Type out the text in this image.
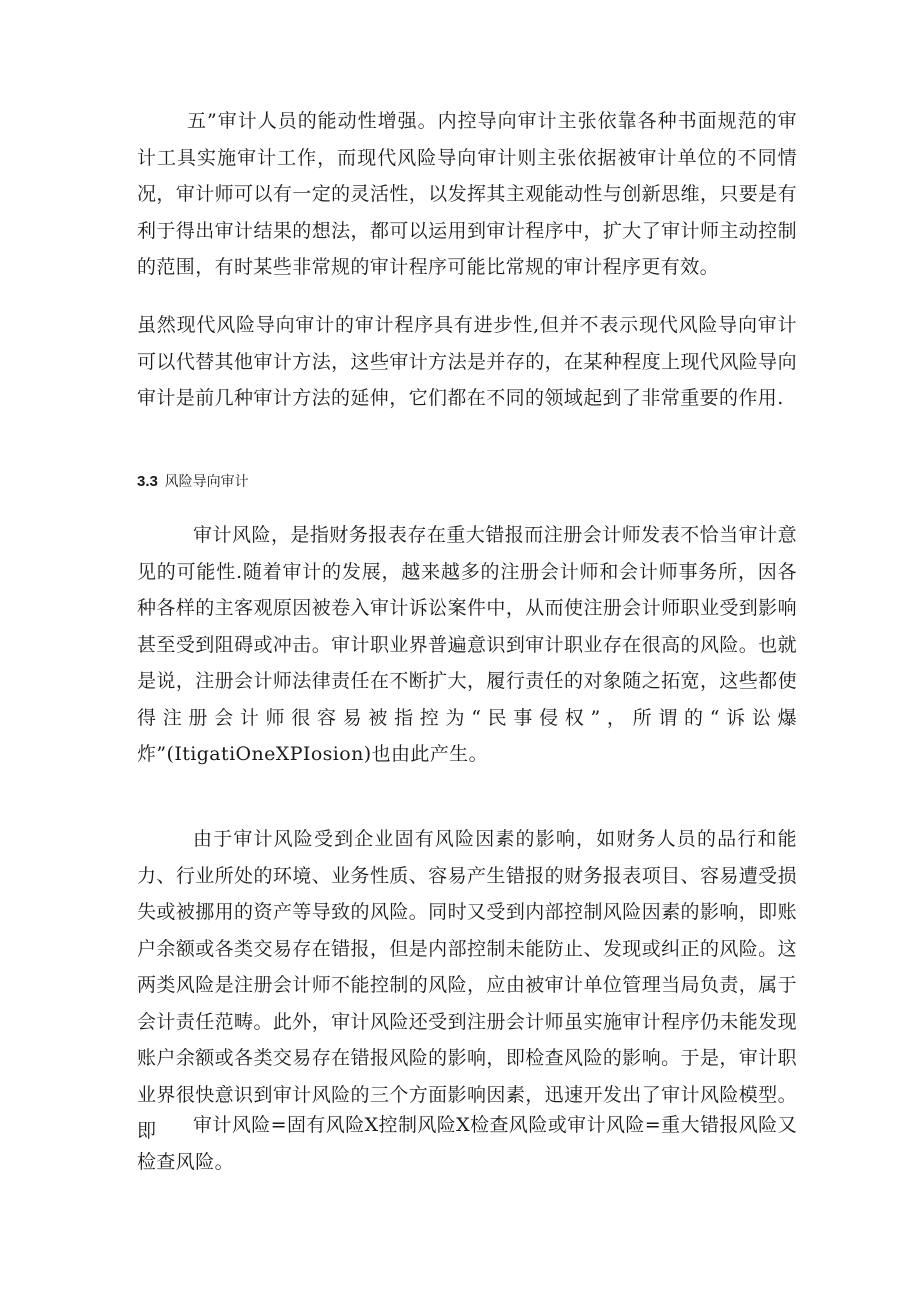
五”审计人员的能动性增强。内控导向审计主张依靠各种书面规范的审计工具实施审计工作，而现代风险导向审计则主张依据被审计单位的不同情况，审计师可以有一定的灵活性，以发挥其主观能动性与创新思维，只要是有利于得出审计结果的想法，都可以运用到审计程序中，扩大了审计师主动控制的范围，有时某些非常规的审计程序可能比常规的审计程序更有效。

虽然现代风险导向审计的审计程序具有进步性,但并不表示现代风险导向审计可以代替其他审计方法，这些审计方法是并存的，在某种程度上现代风险导向审计是前几种审计方法的延伸，它们都在不同的领域起到了非常重要的作用.

3.3 风险导向审计

审计风险，是指财务报表存在重大错报而注册会计师发表不恰当审计意见的可能性.随着审计的发展，越来越多的注册会计师和会计师事务所，因各种各样的主客观原因被卷入审计诉讼案件中，从而使注册会计师职业受到影响甚至受到阻碍或冲击。审计职业界普遍意识到审计职业存在很高的风险。也就是说，注册会计师法律责任在不断扩大，履行责任的对象随之拓宽，这些都使得注册会计师很容易被指控为“民事侵权”，所谓的“诉讼爆炸”(ItigatiOneXPIosion)也由此产生。

由于审计风险受到企业固有风险因素的影响，如财务人员的品行和能力、行业所处的环境、业务性质、容易产生错报的财务报表项目、容易遭受损失或被挪用的资产等导致的风险。同时又受到内部控制风险因素的影响，即账户余额或各类交易存在错报，但是内部控制未能防止、发现或纠正的风险。这两类风险是注册会计师不能控制的风险，应由被审计单位管理当局负责，属于会计责任范畴。此外，审计风险还受到注册会计师虽实施审计程序仍未能发现账户余额或各类交易存在错报风险的影响，即检查风险的影响。于是，审计职业界很快意识到审计风险的三个方面影响因素，迅速开发出了审计风险模型。即	审计风险=固有风险X控制风险X检查风险或审计风险=重大错报风险又检查风险。
